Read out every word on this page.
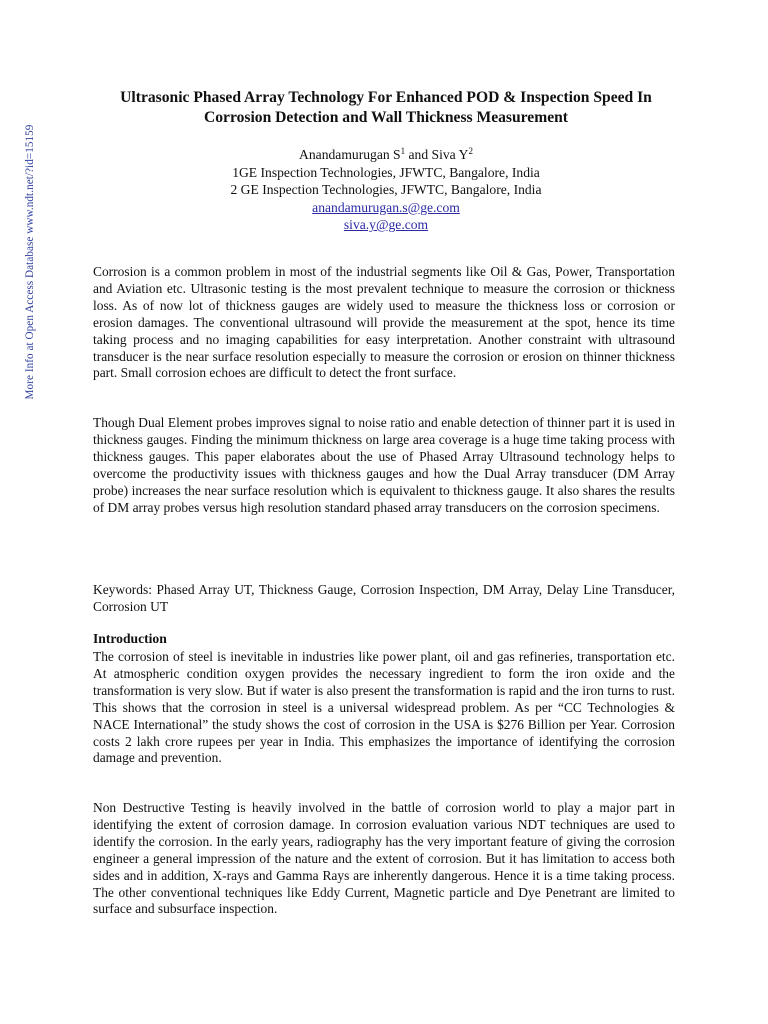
More Info at Open Access Database www.ndt.net/?id=15159
Ultrasonic Phased Array Technology For Enhanced POD & Inspection Speed In Corrosion Detection and Wall Thickness Measurement
Anandamurugan $S^1$ and Siva $Y^2$
1GE Inspection Technologies, JFWTC, Bangalore, India
2 GE Inspection Technologies, JFWTC, Bangalore, India
anandamurugan.s@ge.com
siva.y@ge.com

Corrosion is a common problem in most of the industrial segments like Oil & Gas, Power, Transportation and Aviation etc. Ultrasonic testing is the most prevalent technique to measure the corrosion or thickness loss. As of now lot of thickness gauges are widely used to measure the thickness loss or corrosion or erosion damages. The conventional ultrasound will provide the measurement at the spot, hence its time taking process and no imaging capabilities for easy interpretation. Another constraint with ultrasound transducer is the near surface resolution especially to measure the corrosion or erosion on thinner thickness part. Small corrosion echoes are difficult to detect the front surface.

Though Dual Element probes improves signal to noise ratio and enable detection of thinner part it is used in thickness gauges. Finding the minimum thickness on large area coverage is a huge time taking process with thickness gauges. This paper elaborates about the use of Phased Array Ultrasound technology helps to overcome the productivity issues with thickness gauges and how the Dual Array transducer (DM Array probe) increases the near surface resolution which is equivalent to thickness gauge. It also shares the results of DM array probes versus high resolution standard phased array transducers on the corrosion specimens.

Keywords: Phased Array UT, Thickness Gauge, Corrosion Inspection, DM Array, Delay Line Transducer, Corrosion UT

Introduction

The corrosion of steel is inevitable in industries like power plant, oil and gas refineries, transportation etc. At atmospheric condition oxygen provides the necessary ingredient to form the iron oxide and the transformation is very slow. But if water is also present the transformation is rapid and the iron turns to rust. This shows that the corrosion in steel is a universal widespread problem. As per “CC Technologies & NACE International” the study shows the cost of corrosion in the USA is $276 Billion per Year. Corrosion costs 2 lakh crore rupees per year in India. This emphasizes the importance of identifying the corrosion damage and prevention.

Non Destructive Testing is heavily involved in the battle of corrosion world to play a major part in identifying the extent of corrosion damage. In corrosion evaluation various NDT techniques are used to identify the corrosion. In the early years, radiography has the very important feature of giving the corrosion engineer a general impression of the nature and the extent of corrosion. But it has limitation to access both sides and in addition, X-rays and Gamma Rays are inherently dangerous. Hence it is a time taking process. The other conventional techniques like Eddy Current, Magnetic particle and Dye Penetrant are limited to surface and subsurface inspection.
